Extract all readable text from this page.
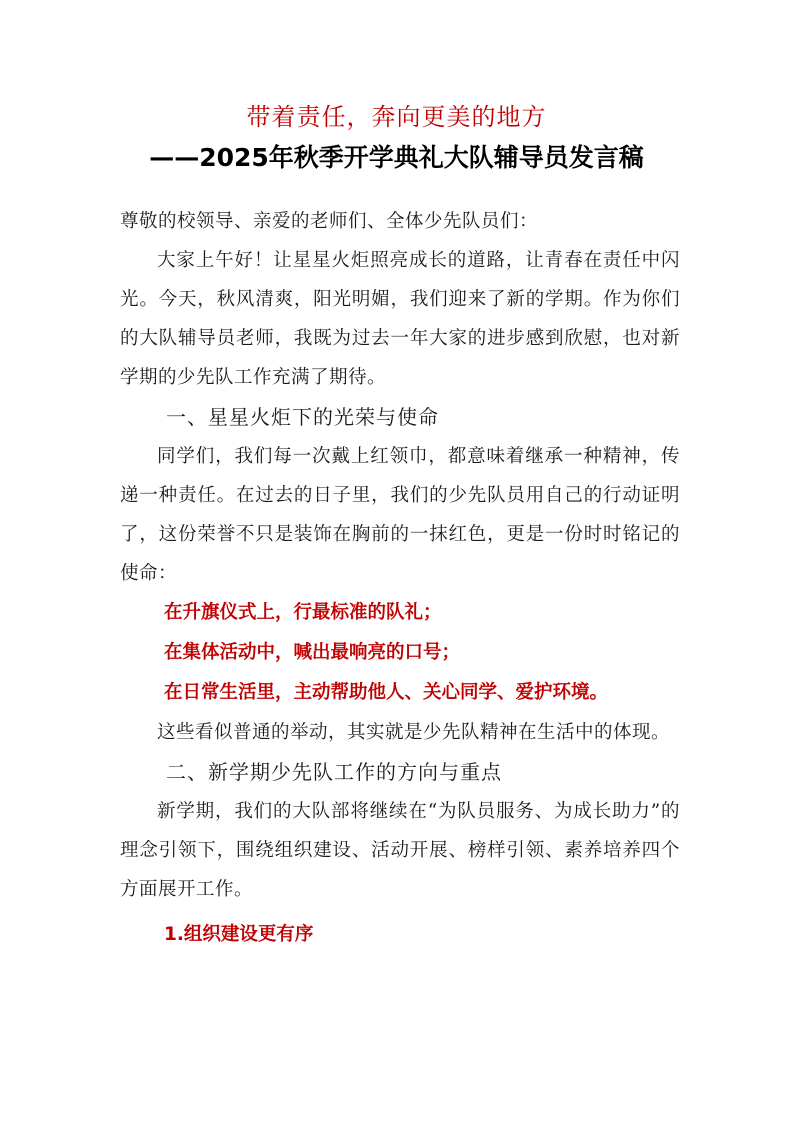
带着责任，奔向更美的地方
——2025年秋季开学典礼大队辅导员发言稿

尊敬的校领导、亲爱的老师们、全体少先队员们：

大家上午好！让星星火炬照亮成长的道路，让青春在责任中闪光。今天，秋风清爽，阳光明媚，我们迎来了新的学期。作为你们的大队辅导员老师，我既为过去一年大家的进步感到欣慰，也对新学期的少先队工作充满了期待。

一、星星火炬下的光荣与使命

同学们，我们每一次戴上红领巾，都意味着继承一种精神，传递一种责任。在过去的日子里，我们的少先队员用自己的行动证明了，这份荣誉不只是装饰在胸前的一抹红色，更是一份时时铭记的使命：

在升旗仪式上，行最标准的队礼；

在集体活动中，喊出最响亮的口号；

在日常生活里，主动帮助他人、关心同学、爱护环境。

这些看似普通的举动，其实就是少先队精神在生活中的体现。

二、新学期少先队工作的方向与重点

新学期，我们的大队部将继续在“为队员服务、为成长助力”的理念引领下，围绕组织建设、活动开展、榜样引领、素养培养四个方面展开工作。

1.组织建设更有序
